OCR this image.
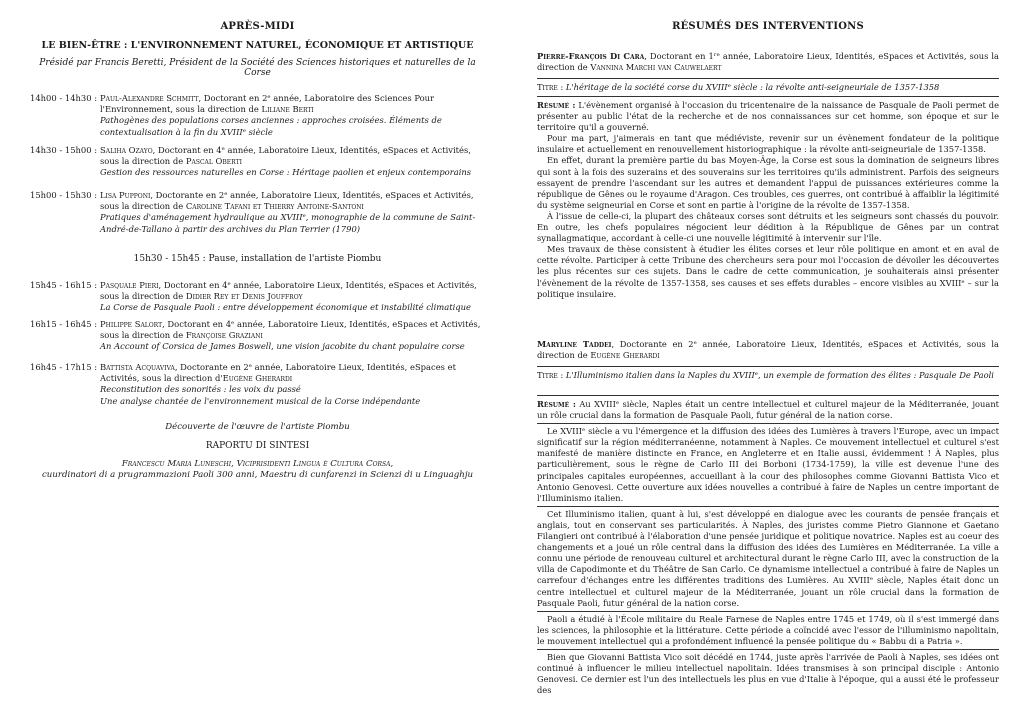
APRÈS-MIDI
LE BIEN-ÊTRE : L'ENVIRONNEMENT NATUREL, ÉCONOMIQUE ET ARTISTIQUE
Présidé par Francis Beretti, Président de la Société des Sciences historiques et naturelles de la Corse
14h00 - 14h30 : Paul-Alexandre Schmitt, Doctorant en 2ᵉ année, Laboratoire des Sciences Pour l'Environnement, sous la direction de Liliane Berti
Pathogènes des populations corses anciennes : approches croisées. Éléments de contextualisation à la fin du XVIIIᵉ siècle
14h30 - 15h00 : Saliha Ozayo, Doctorant en 4ᵉ année, Laboratoire Lieux, Identités, eSpaces et Activités, sous la direction de Pascal Oberti
Gestion des ressources naturelles en Corse : Héritage paolien et enjeux contemporains
15h00 - 15h30 : Lisa Pupponi, Doctorante en 2ᵉ année, Laboratoire Lieux, Identités, eSpaces et Activités, sous la direction de Caroline Tafani et Thierry Antoine-Santoni
Pratiques d'aménagement hydraulique au XVIIIᵉ, monographie de la commune de Saint-André-de-Tallano à partir des archives du Plan Terrier (1790)
15h30 - 15h45 : Pause, installation de l'artiste Piombu
15h45 - 16h15 : Pasquale Pieri, Doctorant en 4ᵉ année, Laboratoire Lieux, Identités, eSpaces et Activités, sous la direction de Didier Rey et Denis Jouffroy
La Corse de Pasquale Paoli : entre développement économique et instabilité climatique
16h15 - 16h45 : Philippe Salort, Doctorant en 4ᵉ année, Laboratoire Lieux, Identités, eSpaces et Activités, sous la direction de Françoise Graziani
An Account of Corsica de James Boswell, une vision jacobite du chant populaire corse
16h45 - 17h15 : Battista Acquaviva, Doctorante en 2ᵉ année, Laboratoire Lieux, Identités, eSpaces et Activités, sous la direction d'Eugène Gherardi
Reconstitution des sonorités : les voix du passé
Une analyse chantée de l'environnement musical de la Corse indépendante
Découverte de l'œuvre de l'artiste Piombu
RAPORTU DI SINTESI
Francescu Maria Luneschi, Viciprisidenti Lingua è Cultura Corsa,
cuurdinatori di a prugrammazioni Paoli 300 anni, Maestru di cunfarenzi in Scienzi di u Linguaghju
RÉSUMÉS DES INTERVENTIONS

Pierre-François Di Cara, Doctorant en 1ʳᵉ année, Laboratoire Lieux, Identités, eSpaces et Activités, sous la direction de Vannina Marchi van Cauwelaert

Titre : L'héritage de la société corse du XVIIIᵉ siècle : la révolte anti-seigneuriale de 1357-1358

Résumé : L'évènement organisé à l'occasion du tricentenaire de la naissance de Pasquale de Paoli permet de présenter au public l'état de la recherche et de nos connaissances sur cet homme, son époque et sur le territoire qu'il a gouverné.

Pour ma part, j'aimerais en tant que médiéviste, revenir sur un évènement fondateur de la politique insulaire et actuellement en renouvellement historiographique : la révolte anti-seigneuriale de 1357-1358.

En effet, durant la première partie du bas Moyen-Âge, la Corse est sous la domination de seigneurs libres qui sont à la fois des suzerains et des souverains sur les territoires qu'ils administrent. Parfois des seigneurs essayent de prendre l'ascendant sur les autres et demandent l'appui de puissances extérieures comme la république de Gênes ou le royaume d'Aragon. Ces troubles, ces guerres, ont contribué à affaiblir la légitimité du système seigneurial en Corse et sont en partie à l'origine de la révolte de 1357-1358.

À l'issue de celle-ci, la plupart des châteaux corses sont détruits et les seigneurs sont chassés du pouvoir. En outre, les chefs populaires négocient leur dédition à la République de Gênes par un contrat synallagmatique, accordant à celle-ci une nouvelle légitimité à intervenir sur l'île.

Mes travaux de thèse consistent à étudier les élites corses et leur rôle politique en amont et en aval de cette révolte. Participer à cette Tribune des chercheurs sera pour moi l'occasion de dévoiler les découvertes les plus récentes sur ces sujets. Dans le cadre de cette communication, je souhaiterais ainsi présenter l'évènement de la révolte de 1357-1358, ses causes et ses effets durables – encore visibles au XVIIIᵉ – sur la politique insulaire.

Maryline Taddei, Doctorante en 2ᵉ année, Laboratoire Lieux, Identités, eSpaces et Activités, sous la direction de Eugène Gherardi

Titre : L'Illuminismo italien dans la Naples du XVIIIᵉ, un exemple de formation des élites : Pasquale De Paoli

Résumé : Au XVIIIᵉ siècle, Naples était un centre intellectuel et culturel majeur de la Méditerranée, jouant un rôle crucial dans la formation de Pasquale Paoli, futur général de la nation corse.

Le XVIIIᵉ siècle a vu l'émergence et la diffusion des idées des Lumières à travers l'Europe, avec un impact significatif sur la région méditerranéenne, notamment à Naples. Ce mouvement intellectuel et culturel s'est manifesté de manière distincte en France, en Angleterre et en Italie aussi, évidemment ! À Naples, plus particulièrement, sous le règne de Carlo III dei Borboni (1734-1759), la ville est devenue l'une des principales capitales européennes, accueillant à la cour des philosophes comme Giovanni Battista Vico et Antonio Genovesi. Cette ouverture aux idées nouvelles a contribué à faire de Naples un centre important de l'Illuminismo italien.

Cet Illuminismo italien, quant à lui, s'est développé en dialogue avec les courants de pensée français et anglais, tout en conservant ses particularités. À Naples, des juristes comme Pietro Giannone et Gaetano Filangieri ont contribué à l'élaboration d'une pensée juridique et politique novatrice. Naples est au coeur des changements et a joué un rôle central dans la diffusion des idées des Lumières en Méditerranée. La ville a connu une période de renouveau culturel et architectural durant le règne Carlo III, avec la construction de la villa de Capodimonte et du Théâtre de San Carlo. Ce dynamisme intellectuel a contribué à faire de Naples un carrefour d'échanges entre les différentes traditions des Lumières. Au XVIIIᵉ siècle, Naples était donc un centre intellectuel et culturel majeur de la Méditerranée, jouant un rôle crucial dans la formation de Pasquale Paoli, futur général de la nation corse.

Paoli a étudié à l'École militaire du Reale Farnese de Naples entre 1745 et 1749, où il s'est immergé dans les sciences, la philosophie et la littérature. Cette période a coïncidé avec l'essor de l'illuminismo napolitain, le mouvement intellectuel qui a profondément influencé la pensée politique du « Babbu di a Patria ».

Bien que Giovanni Battista Vico soit décédé en 1744, juste après l'arrivée de Paoli à Naples, ses idées ont continué à influencer le milieu intellectuel napolitain. Idées transmises à son principal disciple : Antonio Genovesi. Ce dernier est l'un des intellectuels les plus en vue d'Italie à l'époque, qui a aussi été le professeur des
